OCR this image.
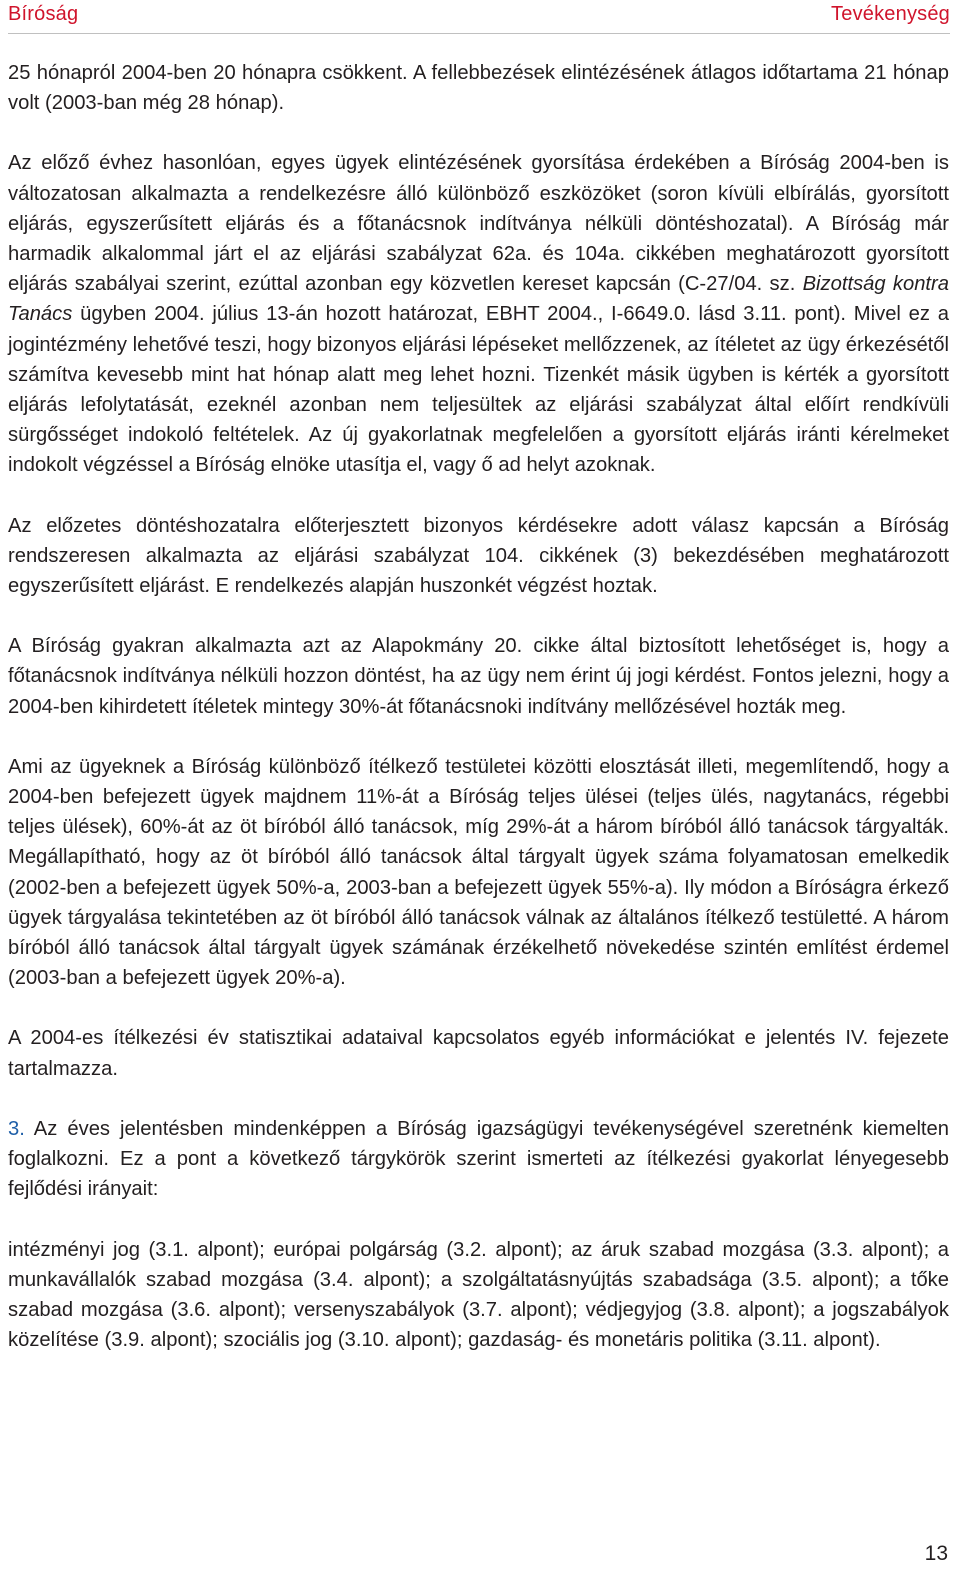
Bíróság	Tevékenység

25 hónapról 2004-ben 20 hónapra csökkent. A fellebbezések elintézésének átlagos időtartama 21 hónap volt (2003-ban még 28 hónap).

Az előző évhez hasonlóan, egyes ügyek elintézésének gyorsítása érdekében a Bíróság 2004-ben is változatosan alkalmazta a rendelkezésre álló különböző eszközöket (soron kívüli elbírálás, gyorsított eljárás, egyszerűsített eljárás és a főtanácsnok indítványa nélküli döntéshozatal). A Bíróság már harmadik alkalommal járt el az eljárási szabályzat 62a. és 104a. cikkében meghatározott gyorsított eljárás szabályai szerint, ezúttal azonban egy közvetlen kereset kapcsán (C-27/04. sz. Bizottság kontra Tanács ügyben 2004. július 13-án hozott határozat, EBHT 2004., I-6649.0. lásd 3.11. pont). Mivel ez a jogintézmény lehetővé teszi, hogy bizonyos eljárási lépéseket mellőzzenek, az ítéletet az ügy érkezésétől számítva kevesebb mint hat hónap alatt meg lehet hozni. Tizenkét másik ügyben is kérték a gyorsított eljárás lefolytatását, ezeknél azonban nem teljesültek az eljárási szabályzat által előírt rendkívüli sürgősséget indokoló feltételek. Az új gyakorlatnak megfelelően a gyorsított eljárás iránti kérelmeket indokolt végzéssel a Bíróság elnöke utasítja el, vagy ő ad helyt azoknak.

Az előzetes döntéshozatalra előterjesztett bizonyos kérdésekre adott válasz kapcsán a Bíróság rendszeresen alkalmazta az eljárási szabályzat 104. cikkének (3) bekezdésében meghatározott egyszerűsített eljárást. E rendelkezés alapján huszonkét végzést hoztak.

A Bíróság gyakran alkalmazta azt az Alapokmány 20. cikke által biztosított lehetőséget is, hogy a főtanácsnok indítványa nélküli hozzon döntést, ha az ügy nem érint új jogi kérdést. Fontos jelezni, hogy a 2004-ben kihirdetett ítéletek mintegy 30%-át főtanácsnoki indítvány mellőzésével hozták meg.

Ami az ügyeknek a Bíróság különböző ítélkező testületei közötti elosztását illeti, megemlítendő, hogy a 2004-ben befejezett ügyek majdnem 11%-át a Bíróság teljes ülései (teljes ülés, nagytanács, régebbi teljes ülések), 60%-át az öt bíróból álló tanácsok, míg 29%-át a három bíróból álló tanácsok tárgyalták. Megállapítható, hogy az öt bíróból álló tanácsok által tárgyalt ügyek száma folyamatosan emelkedik (2002-ben a befejezett ügyek 50%-a, 2003-ban a befejezett ügyek 55%-a). Ily módon a Bíróságra érkező ügyek tárgyalása tekintetében az öt bíróból álló tanácsok válnak az általános ítélkező testületté. A három bíróból álló tanácsok által tárgyalt ügyek számának érzékelhető növekedése szintén említést érdemel (2003-ban a befejezett ügyek 20%-a).

A 2004-es ítélkezési év statisztikai adataival kapcsolatos egyéb információkat e jelentés IV. fejezete tartalmazza.

3. Az éves jelentésben mindenképpen a Bíróság igazságügyi tevékenységével szeretnénk kiemelten foglalkozni. Ez a pont a következő tárgykörök szerint ismerteti az ítélkezési gyakorlat lényegesebb fejlődési irányait:

intézményi jog (3.1. alpont); európai polgárság (3.2. alpont); az áruk szabad mozgása (3.3. alpont); a munkavállalók szabad mozgása (3.4. alpont); a szolgáltatásnyújtás szabadsága (3.5. alpont); a tőke szabad mozgása (3.6. alpont); versenyszabályok (3.7. alpont); védjegyjog (3.8. alpont); a jogszabályok közelítése (3.9. alpont); szociális jog (3.10. alpont); gazdaság- és monetáris politika (3.11. alpont).

13
